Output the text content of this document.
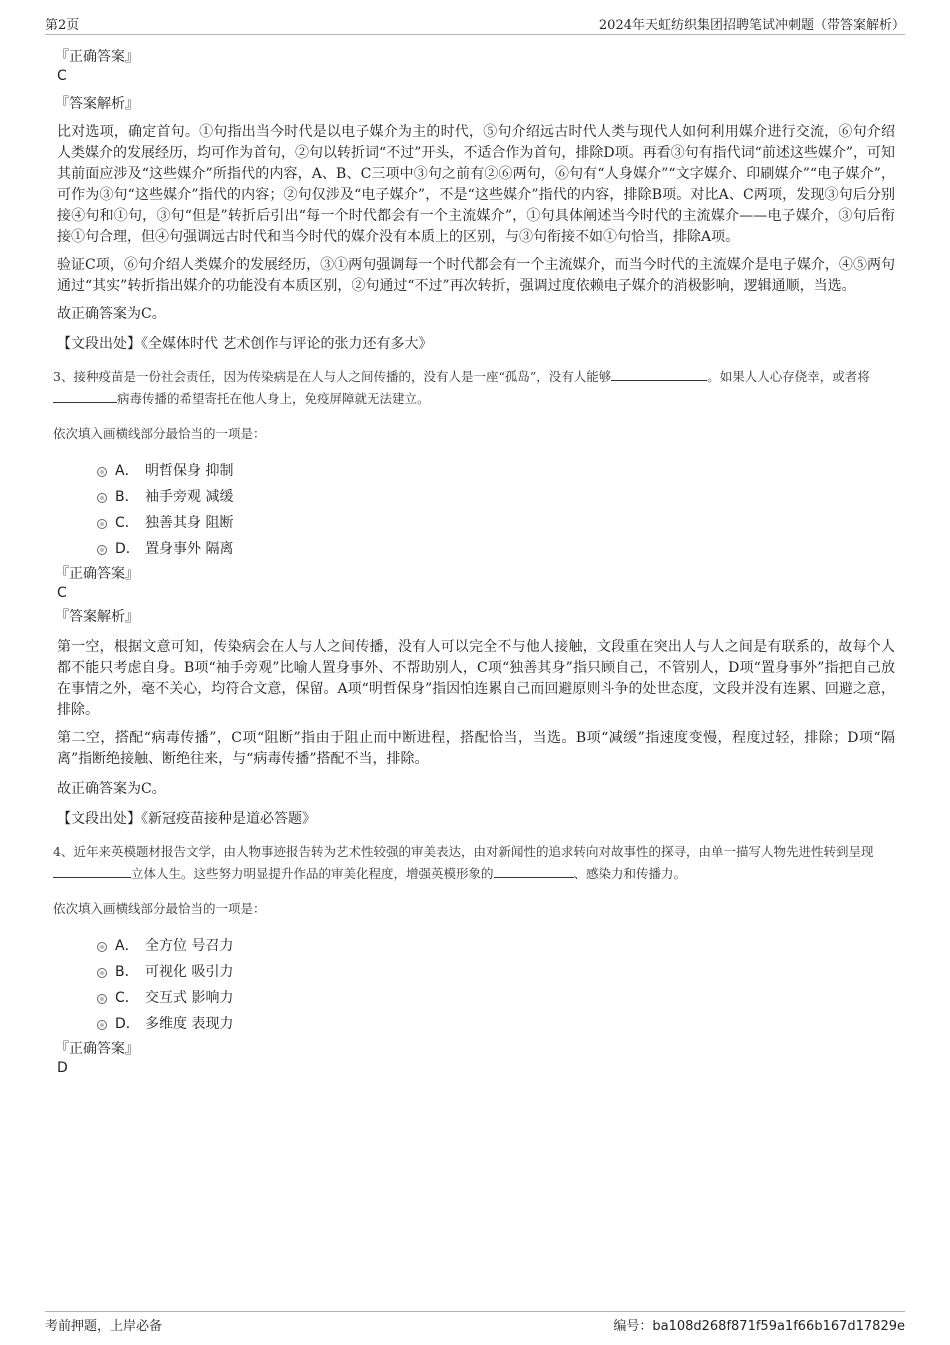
第2页	2024年天虹纺织集团招聘笔试冲刺题（带答案解析）
『正确答案』
C
『答案解析』

比对选项，确定首句。①句指出当今时代是以电子媒介为主的时代，⑤句介绍远古时代人类与现代人如何利用媒介进行交流，⑥句介绍人类媒介的发展经历，均可作为首句，②句以转折词“不过”开头，不适合作为首句，排除D项。再看③句有指代词“前述这些媒介”，可知其前面应涉及“这些媒介”所指代的内容，A、B、C三项中③句之前有②⑥两句，⑥句有“人身媒介”“文字媒介、印刷媒介”“电子媒介”，可作为③句“这些媒介”指代的内容；②句仅涉及“电子媒介”，不是“这些媒介”指代的内容，排除B项。对比A、C两项，发现③句后分别接④句和①句，③句“但是”转折后引出“每一个时代都会有一个主流媒介”，①句具体阐述当今时代的主流媒介——电子媒介，③句后衔接①句合理，但④句强调远古时代和当今时代的媒介没有本质上的区别，与③句衔接不如①句恰当，排除A项。

验证C项，⑥句介绍人类媒介的发展经历，③①两句强调每一个时代都会有一个主流媒介，而当今时代的主流媒介是电子媒介，④⑤两句通过“其实”转折指出媒介的功能没有本质区别，②句通过“不过”再次转折，强调过度依赖电子媒介的消极影响，逻辑通顺，当选。

故正确答案为C。

【文段出处】《全媒体时代 艺术创作与评论的张力还有多大》
3、接种疫苗是一份社会责任，因为传染病是在人与人之间传播的，没有人是一座“孤岛”，没有人能够	。如果人人心存侥幸，或者将病毒传播的希望寄托在他人身上，免疫屏障就无法建立。
依次填入画横线部分最恰当的一项是：
A． 明哲保身 抑制
B． 袖手旁观 减缓
C． 独善其身 阻断
D． 置身事外 隔离
『正确答案』
C
『答案解析』

第一空，根据文意可知，传染病会在人与人之间传播，没有人可以完全不与他人接触，文段重在突出人与人之间是有联系的，故每个人都不能只考虑自身。B项“袖手旁观”比喻人置身事外、不帮助别人，C项“独善其身”指只顾自己，不管别人，D项“置身事外”指把自己放在事情之外，毫不关心，均符合文意，保留。A项“明哲保身”指因怕连累自己而回避原则斗争的处世态度，文段并没有连累、回避之意，排除。

第二空，搭配“病毒传播”，C项“阻断”指由于阻止而中断进程，搭配恰当，当选。B项“减缓”指速度变慢，程度过轻，排除；D项“隔离”指断绝接触、断绝往来，与“病毒传播”搭配不当，排除。

故正确答案为C。

【文段出处】《新冠疫苗接种是道必答题》
4、近年来英模题材报告文学，由人物事迹报告转为艺术性较强的审美表达，由对新闻性的追求转向对故事性的探寻，由单一描写人物先进性转到呈现立体人生。这些努力明显提升作品的审美化程度，增强英模形象的	、感染力和传播力。
依次填入画横线部分最恰当的一项是：
A． 全方位 号召力
B． 可视化 吸引力
C． 交互式 影响力
D． 多维度 表现力
『正确答案』
D
考前押题，上岸必备	编号：ba108d268f871f59a1f66b167d17829e
